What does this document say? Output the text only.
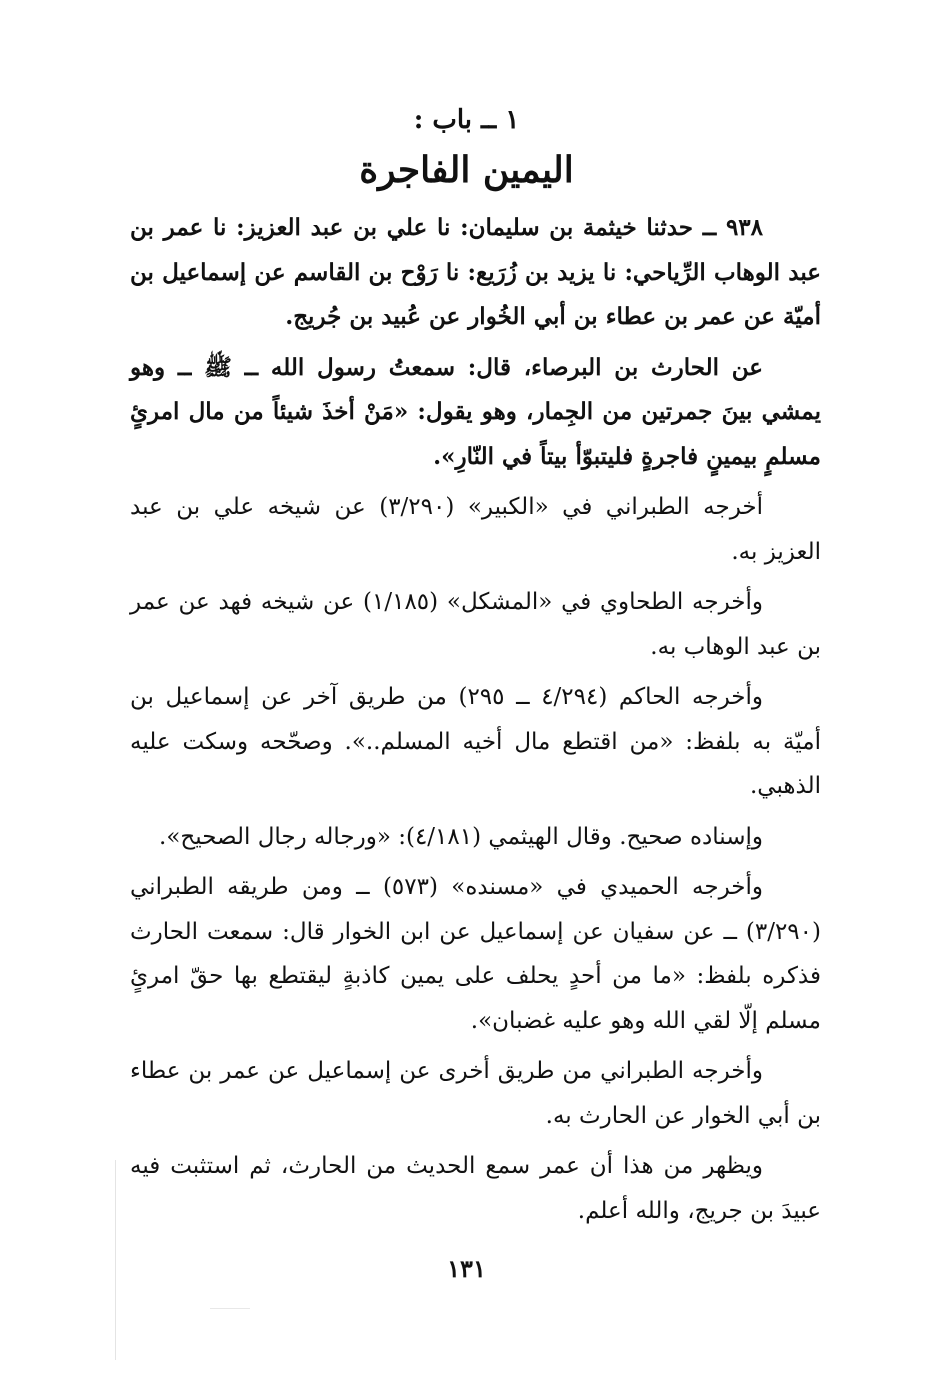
١ ــ باب :

اليمين الفاجرة

٩٣٨ ــ حدثنا خيثمة بن سليمان: نا علي بن عبد العزيز: نا عمر بن عبد الوهاب الرِّياحي: نا يزيد بن زُرَيع: نا رَوْح بن القاسم عن إسماعيل بن أميّة عن عمر بن عطاء بن أبي الخُوار عن عُبيد بن جُريج.

عن الحارث بن البرصاء، قال: سمعتُ رسول الله ــ ﷺ ــ وهو يمشي بينَ جمرتين من الجِمار، وهو يقول: «مَنْ أخذَ شيئاً من مال امرئٍ مسلمٍ بيمينٍ فاجرةٍ فليتبوّأ بيتاً في النّارِ».

أخرجه الطبراني في «الكبير» (٣/٢٩٠) عن شيخه علي بن عبد العزيز به.

وأخرجه الطحاوي في «المشكل» (١/١٨٥) عن شيخه فهد عن عمر بن عبد الوهاب به.

وأخرجه الحاكم (٤/٢٩٤ ــ ٢٩٥) من طريق آخر عن إسماعيل بن أميّة به بلفظ: «من اقتطع مال أخيه المسلم..». وصحّحه وسكت عليه الذهبي.

وإسناده صحيح. وقال الهيثمي (٤/١٨١): «ورجاله رجال الصحيح».

وأخرجه الحميدي في «مسنده» (٥٧٣) ــ ومن طريقه الطبراني (٣/٢٩٠) ــ عن سفيان عن إسماعيل عن ابن الخوار قال: سمعت الحارث فذكره بلفظ: «ما من أحدٍ يحلف على يمين كاذبةٍ ليقتطع بها حقّ امرئٍ مسلم إلّا لقي الله وهو عليه غضبان».

وأخرجه الطبراني من طريق أخرى عن إسماعيل عن عمر بن عطاء بن أبي الخوار عن الحارث به.

ويظهر من هذا أن عمر سمع الحديث من الحارث، ثم استثبت فيه عبيدَ بن جريج، والله أعلم.

١٣١
